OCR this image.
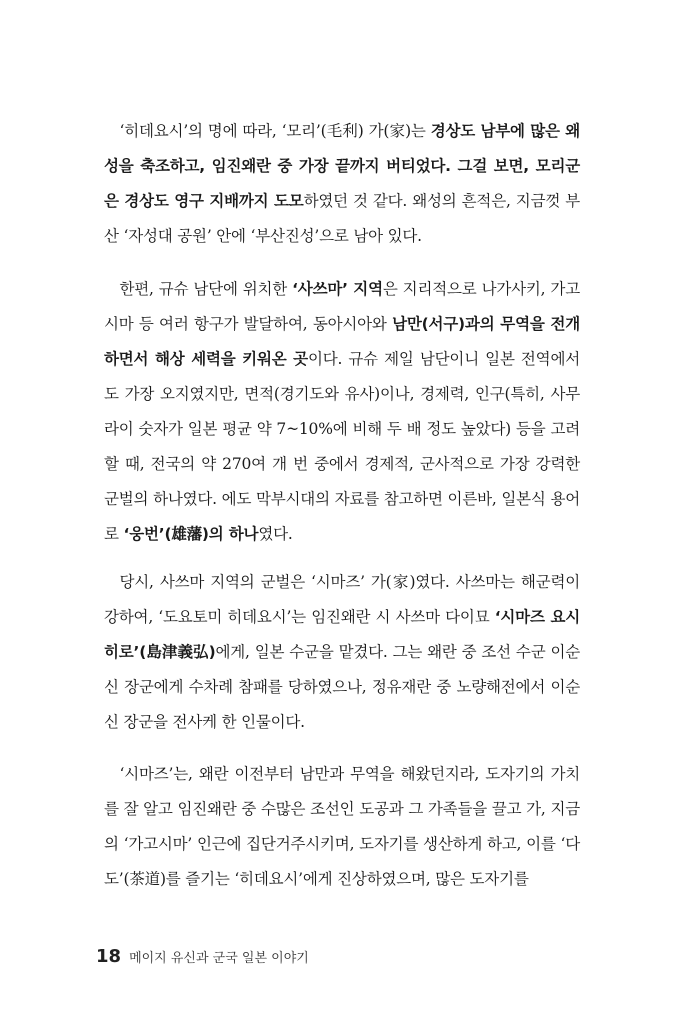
‘히데요시’의 명에 따라, ‘모리’(毛利) 가(家)는 경상도 남부에 많은 왜성을 축조하고, 임진왜란 중 가장 끝까지 버티었다. 그걸 보면, 모리군은 경상도 영구 지배까지 도모하였던 것 같다. 왜성의 흔적은, 지금껏 부산 ‘자성대 공원’ 안에 ‘부산진성’으로 남아 있다.

한편, 규슈 남단에 위치한 ‘사쓰마’ 지역은 지리적으로 나가사키, 가고시마 등 여러 항구가 발달하여, 동아시아와 남만(서구)과의 무역을 전개하면서 해상 세력을 키워온 곳이다. 규슈 제일 남단이니 일본 전역에서도 가장 오지였지만, 면적(경기도와 유사)이나, 경제력, 인구(특히, 사무라이 숫자가 일본 평균 약 7~10%에 비해 두 배 정도 높았다) 등을 고려할 때, 전국의 약 270여 개 번 중에서 경제적, 군사적으로 가장 강력한 군벌의 하나였다. 에도 막부시대의 자료를 참고하면 이른바, 일본식 용어로 ‘웅번’(雄藩)의 하나였다.

당시, 사쓰마 지역의 군벌은 ‘시마즈’ 가(家)였다. 사쓰마는 해군력이 강하여, ‘도요토미 히데요시’는 임진왜란 시 사쓰마 다이묘 ‘시마즈 요시히로’(島津義弘)에게, 일본 수군을 맡겼다. 그는 왜란 중 조선 수군 이순신 장군에게 수차례 참패를 당하였으나, 정유재란 중 노량해전에서 이순신 장군을 전사케 한 인물이다.

‘시마즈’는, 왜란 이전부터 남만과 무역을 해왔던지라, 도자기의 가치를 잘 알고 임진왜란 중 수많은 조선인 도공과 그 가족들을 끌고 가, 지금의 ‘가고시마’ 인근에 집단거주시키며, 도자기를 생산하게 하고, 이를 ‘다도’(茶道)를 즐기는 ‘히데요시’에게 진상하였으며, 많은 도자기를

18 메이지 유신과 군국 일본 이야기
